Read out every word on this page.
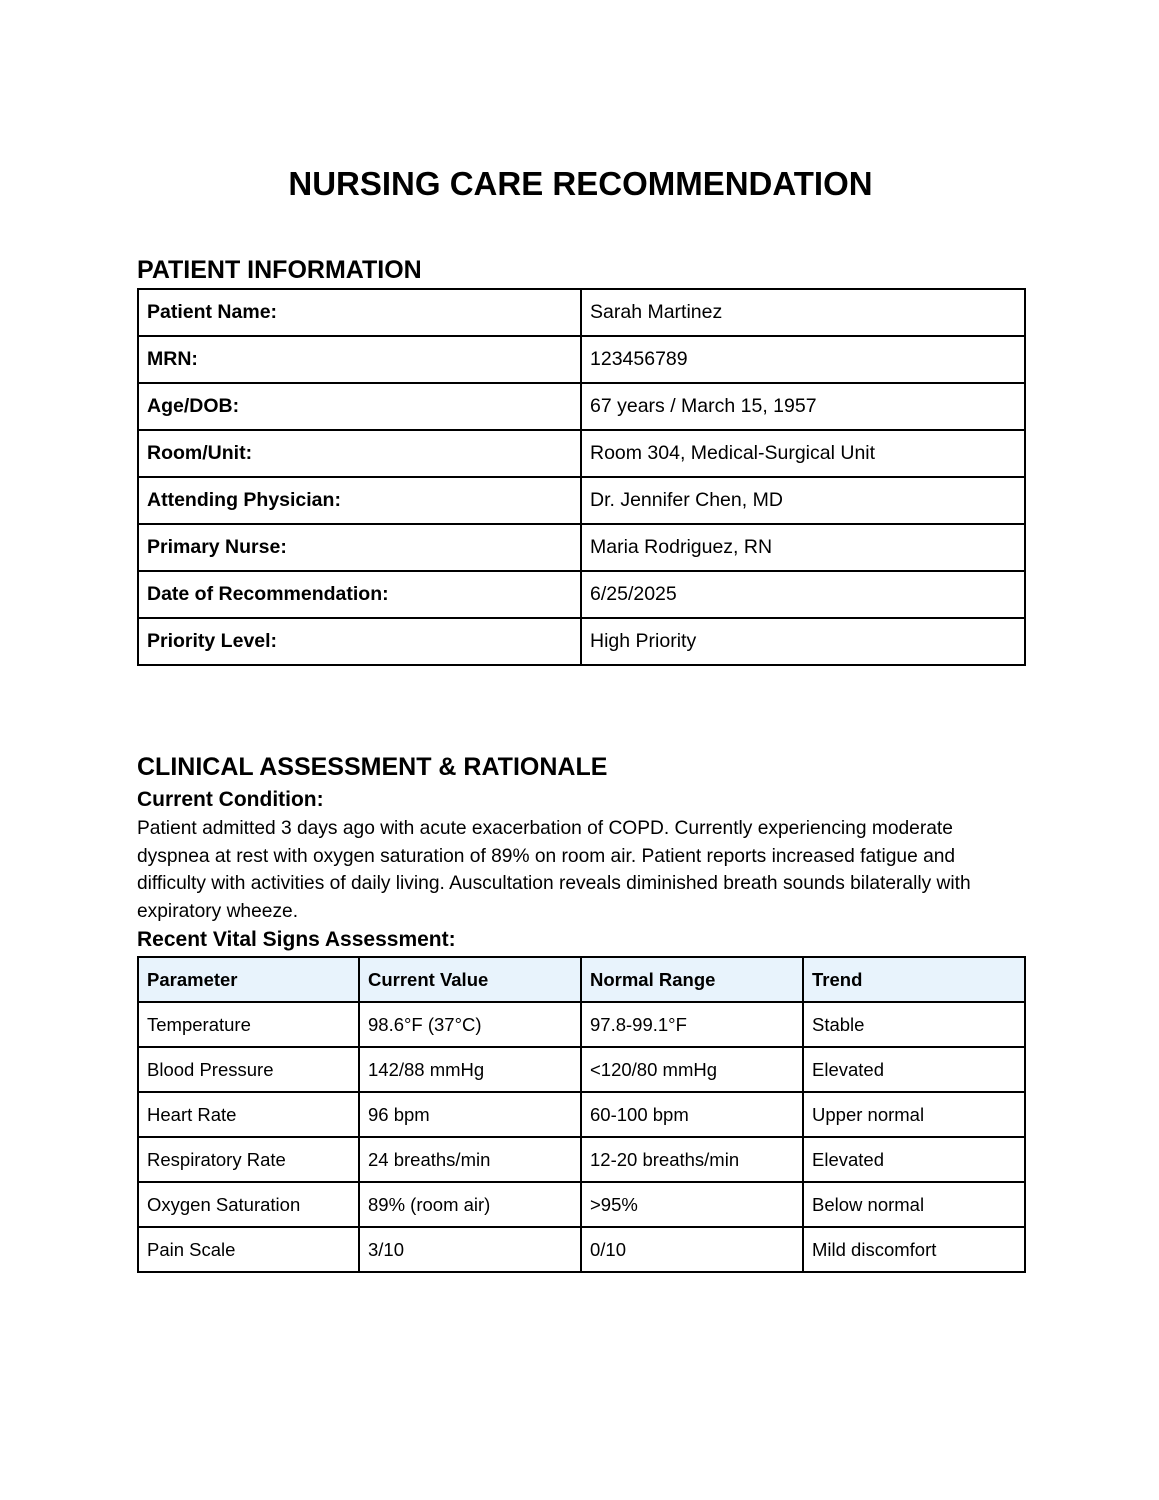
NURSING CARE RECOMMENDATION
PATIENT INFORMATION
Patient Name:	Sarah Martinez
MRN:	123456789
Age/DOB:	67 years / March 15, 1957
Room/Unit:	Room 304, Medical-Surgical Unit
Attending Physician:	Dr. Jennifer Chen, MD
Primary Nurse:	Maria Rodriguez, RN
Date of Recommendation:	6/25/2025
Priority Level:	High Priority
CLINICAL ASSESSMENT & RATIONALE
Current Condition:

Patient admitted 3 days ago with acute exacerbation of COPD. Currently experiencing moderate dyspnea at rest with oxygen saturation of 89% on room air. Patient reports increased fatigue and difficulty with activities of daily living. Auscultation reveals diminished breath sounds bilaterally with expiratory wheeze.

Recent Vital Signs Assessment:
Parameter	Current Value	Normal Range	Trend
Temperature	98.6°F (37°C)	97.8-99.1°F	Stable
Blood Pressure	142/88 mmHg	<120/80 mmHg	Elevated
Heart Rate	96 bpm	60-100 bpm	Upper normal
Respiratory Rate	24 breaths/min	12-20 breaths/min	Elevated
Oxygen Saturation	89% (room air)	>95%	Below normal
Pain Scale	3/10	0/10	Mild discomfort
